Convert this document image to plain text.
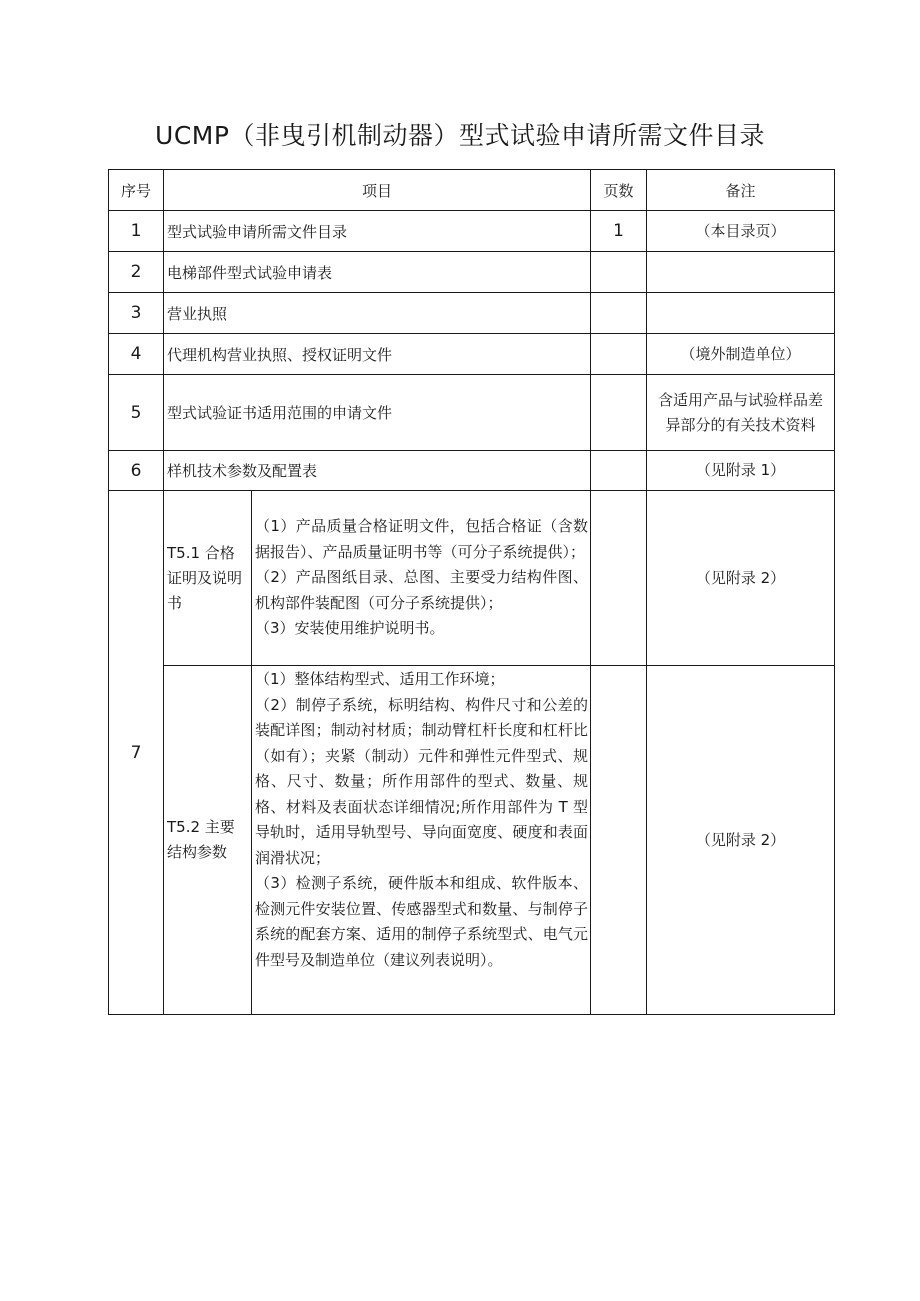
UCMP（非曳引机制动器）型式试验申请所需文件目录
序号	项目		页数	备注
1	型式试验申请所需文件目录		1	（本目录页）
2	电梯部件型式试验申请表			
3	营业执照			
4	代理机构营业执照、授权证明文件			（境外制造单位）
5	型式试验证书适用范围的申请文件			含适用产品与试验样品差异部分的有关技术资料
6	样机技术参数及配置表			（见附录 1）
7	T5.1 合格证明及说明书	（1）产品质量合格证明文件，包括合格证（含数据报告）、产品质量证明书等（可分子系统提供）；
（2）产品图纸目录、总图、主要受力结构件图、机构部件装配图（可分子系统提供）；
（3）安装使用维护说明书。		（见附录 2）
	T5.2 主要结构参数	（1）整体结构型式、适用工作环境；
（2）制停子系统，标明结构、构件尺寸和公差的装配详图；制动衬材质；制动臂杠杆长度和杠杆比（如有）；夹紧（制动）元件和弹性元件型式、规格、尺寸、数量；所作用部件的型式、数量、规格、材料及表面状态详细情况;所作用部件为 T 型导轨时，适用导轨型号、导向面宽度、硬度和表面润滑状况；
（3）检测子系统，硬件版本和组成、软件版本、检测元件安装位置、传感器型式和数量、与制停子系统的配套方案、适用的制停子系统型式、电气元件型号及制造单位（建议列表说明）。		（见附录 2）
